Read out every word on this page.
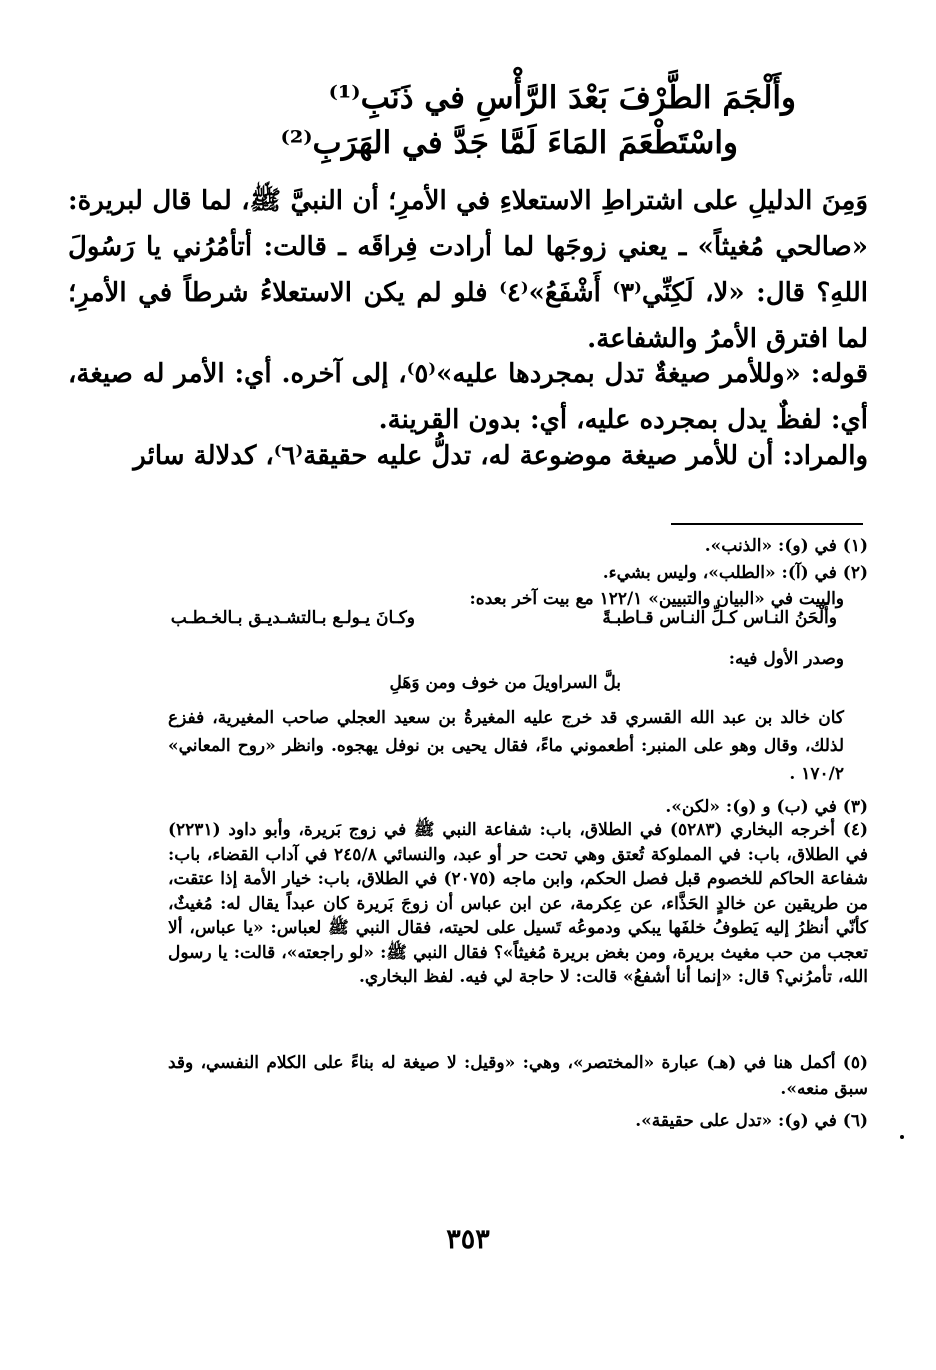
وأَلْجَمَ الطَّرْفَ بَعْدَ الرَّأْسِ في ذَنَبِ⁽¹⁾
واسْتَطْعَمَ المَاءَ لَمَّا جَدَّ في الهَرَبِ⁽²⁾

وَمِنَ الدليلِ على اشتراطِ الاستعلاءِ في الأمرِ؛ أن النبيَّ ﷺ، لما قال لبريرة: «صالحي مُغيثاً» ـ يعني زوجَها لما أرادت فِراقَه ـ قالت: أتأمُرُني يا رَسُولَ اللهِ؟ قال: «لا، لَكِنِّي⁽٣⁾ أَشْفَعُ»⁽٤⁾ فلو لم يكن الاستعلاءُ شرطاً في الأمرِ؛ لما افترق الأمرُ والشفاعة.

قوله: «وللأمر صيغةٌ تدل بمجردها عليه»⁽٥⁾، إلى آخره. أي: الأمر له صيغة، أي: لفظٌ يدل بمجرده عليه، أي: بدون القرينة.

والمراد: أن للأمر صيغة موضوعة له، تدلُّ عليه حقيقة⁽٦⁾، كدلالة سائر

(١) في (و): «الذنب».
(٢) في (آ): «الطلب»، وليس بشيء.
والبيت في «البيان والتبيين» ١٢٢/١ مع بيت آخر بعده:
وأَلْحَنُ النـاس كـلِّ النـاس قـاطبـةً
وكـانَ يـولـع بـالتشـديـق بـالخـطـب
وصدر الأول فيه:
بلَّ السراويلَ من خوف ومن وَهَلِ
كان خالد بن عبد الله القسري قد خرج عليه المغيرةُ بن سعيد العجلي صاحب المغيرية، ففزع لذلك، وقال وهو على المنبر: أطعموني ماءً، فقال يحيى بن نوفل يهجوه. وانظر «روح المعاني» ١٧٠/٢ .
(٣) في (ب) و (و): «لكن».
(٤) أخرجه البخاري (٥٢٨٣) في الطلاق، باب: شفاعة النبي ﷺ في زوج بَريرة، وأبو داود (٢٢٣١) في الطلاق، باب: في المملوكة تُعتق وهي تحت حر أو عبد، والنسائي ٢٤٥/٨ في آداب القضاء، باب: شفاعة الحاكم للخصوم قبل فصل الحكم، وابن ماجه (٢٠٧٥) في الطلاق، باب: خيار الأمة إذا عتقت، من طريقين عن خالدٍ الحَذَّاء، عن عِكرمة، عن ابن عباس أن زوجَ بَريرة كان عبداً يقال له: مُغيثٌ، كأنّي أنظرُ إليه يَطوفُ خلفَها يبكي ودموعُه تَسيل على لحيته، فقال النبي ﷺ لعباس: «يا عباس، ألا تعجب من حب مغيث بريرة، ومن بغض بريرة مُغيثاً»؟ فقال النبي ﷺ: «لو راجعته»، قالت: يا رسول الله، تأمرُني؟ قال: «إنما أنا أشفعُ» قالت: لا حاجة لي فيه. لفظ البخاري.
(٥) أكمل هنا في (هـ) عبارة «المختصر»، وهي: «وقيل: لا صيغة له بناءً على الكلام النفسي، وقد سبق منعه».
(٦) في (و): «تدل على حقيقة».
٣٥٣
